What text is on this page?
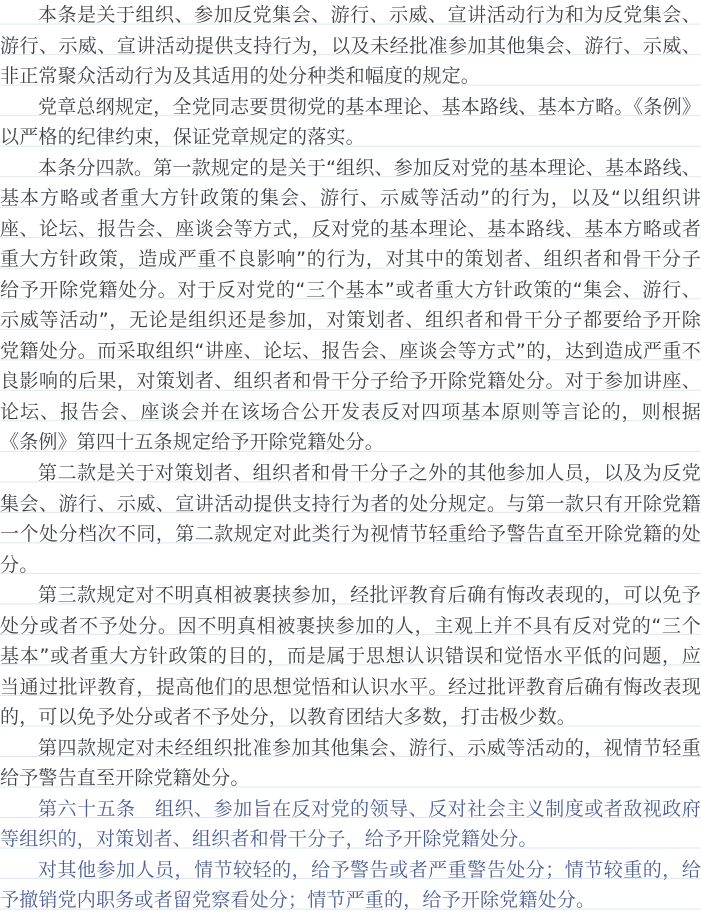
本条是关于组织、参加反党集会、游行、示威、宣讲活动行为和为反党集会、游行、示威、宣讲活动提供支持行为，以及未经批准参加其他集会、游行、示威、非正常聚众活动行为及其适用的处分种类和幅度的规定。

党章总纲规定，全党同志要贯彻党的基本理论、基本路线、基本方略。《条例》以严格的纪律约束，保证党章规定的落实。

本条分四款。第一款规定的是关于“组织、参加反对党的基本理论、基本路线、基本方略或者重大方针政策的集会、游行、示威等活动”的行为，以及“以组织讲座、论坛、报告会、座谈会等方式，反对党的基本理论、基本路线、基本方略或者重大方针政策，造成严重不良影响”的行为，对其中的策划者、组织者和骨干分子给予开除党籍处分。对于反对党的“三个基本”或者重大方针政策的“集会、游行、示威等活动”，无论是组织还是参加，对策划者、组织者和骨干分子都要给予开除党籍处分。而采取组织“讲座、论坛、报告会、座谈会等方式”的，达到造成严重不良影响的后果，对策划者、组织者和骨干分子给予开除党籍处分。对于参加讲座、论坛、报告会、座谈会并在该场合公开发表反对四项基本原则等言论的，则根据《条例》第四十五条规定给予开除党籍处分。

第二款是关于对策划者、组织者和骨干分子之外的其他参加人员，以及为反党集会、游行、示威、宣讲活动提供支持行为者的处分规定。与第一款只有开除党籍一个处分档次不同，第二款规定对此类行为视情节轻重给予警告直至开除党籍的处分。

第三款规定对不明真相被裹挟参加，经批评教育后确有悔改表现的，可以免予处分或者不予处分。因不明真相被裹挟参加的人，主观上并不具有反对党的“三个基本”或者重大方针政策的目的，而是属于思想认识错误和觉悟水平低的问题，应当通过批评教育，提高他们的思想觉悟和认识水平。经过批评教育后确有悔改表现的，可以免予处分或者不予处分，以教育团结大多数，打击极少数。

第四款规定对未经组织批准参加其他集会、游行、示威等活动的，视情节轻重给予警告直至开除党籍处分。

第六十五条　组织、参加旨在反对党的领导、反对社会主义制度或者敌视政府等组织的，对策划者、组织者和骨干分子，给予开除党籍处分。

对其他参加人员，情节较轻的，给予警告或者严重警告处分；情节较重的，给予撤销党内职务或者留党察看处分；情节严重的，给予开除党籍处分。
